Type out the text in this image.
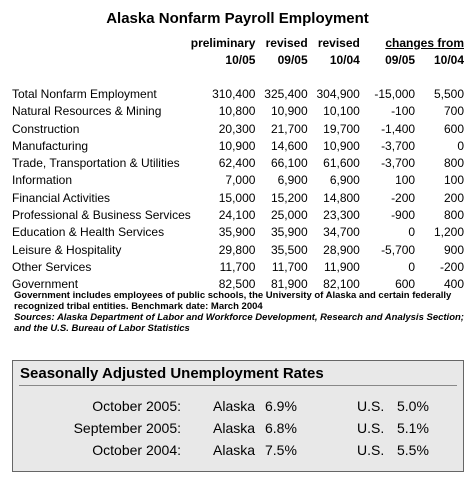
Alaska Nonfarm Payroll Employment
	preliminary	revised	revised	changes from	
	10/05	09/05	10/04	09/05	10/04

Total Nonfarm Employment	310,400	325,400	304,900	-15,000	5,500
Natural Resources & Mining	10,800	10,900	10,100	-100	700
Construction	20,300	21,700	19,700	-1,400	600
Manufacturing	10,900	14,600	10,900	-3,700	0
Trade, Transportation & Utilities	62,400	66,100	61,600	-3,700	800
Information	7,000	6,900	6,900	100	100
Financial Activities	15,000	15,200	14,800	-200	200
Professional & Business Services	24,100	25,000	23,300	-900	800
Education & Health Services	35,900	35,900	34,700	0	1,200
Leisure & Hospitality	29,800	35,500	28,900	-5,700	900
Other Services	11,700	11,700	11,900	0	-200
Government	82,500	81,900	82,100	600	400
Government includes employees of public schools, the University of Alaska and certain federally recognized tribal entities. Benchmark date: March 2004
Sources: Alaska Department of Labor and Workforce Development, Research and Analysis Section; and the U.S. Bureau of Labor Statistics
Seasonally Adjusted Unemployment Rates
October 2005: Alaska 6.9%	U.S. 5.0%
September 2005: Alaska 6.8%	U.S. 5.1%
October 2004: Alaska 7.5%	U.S. 5.5%
